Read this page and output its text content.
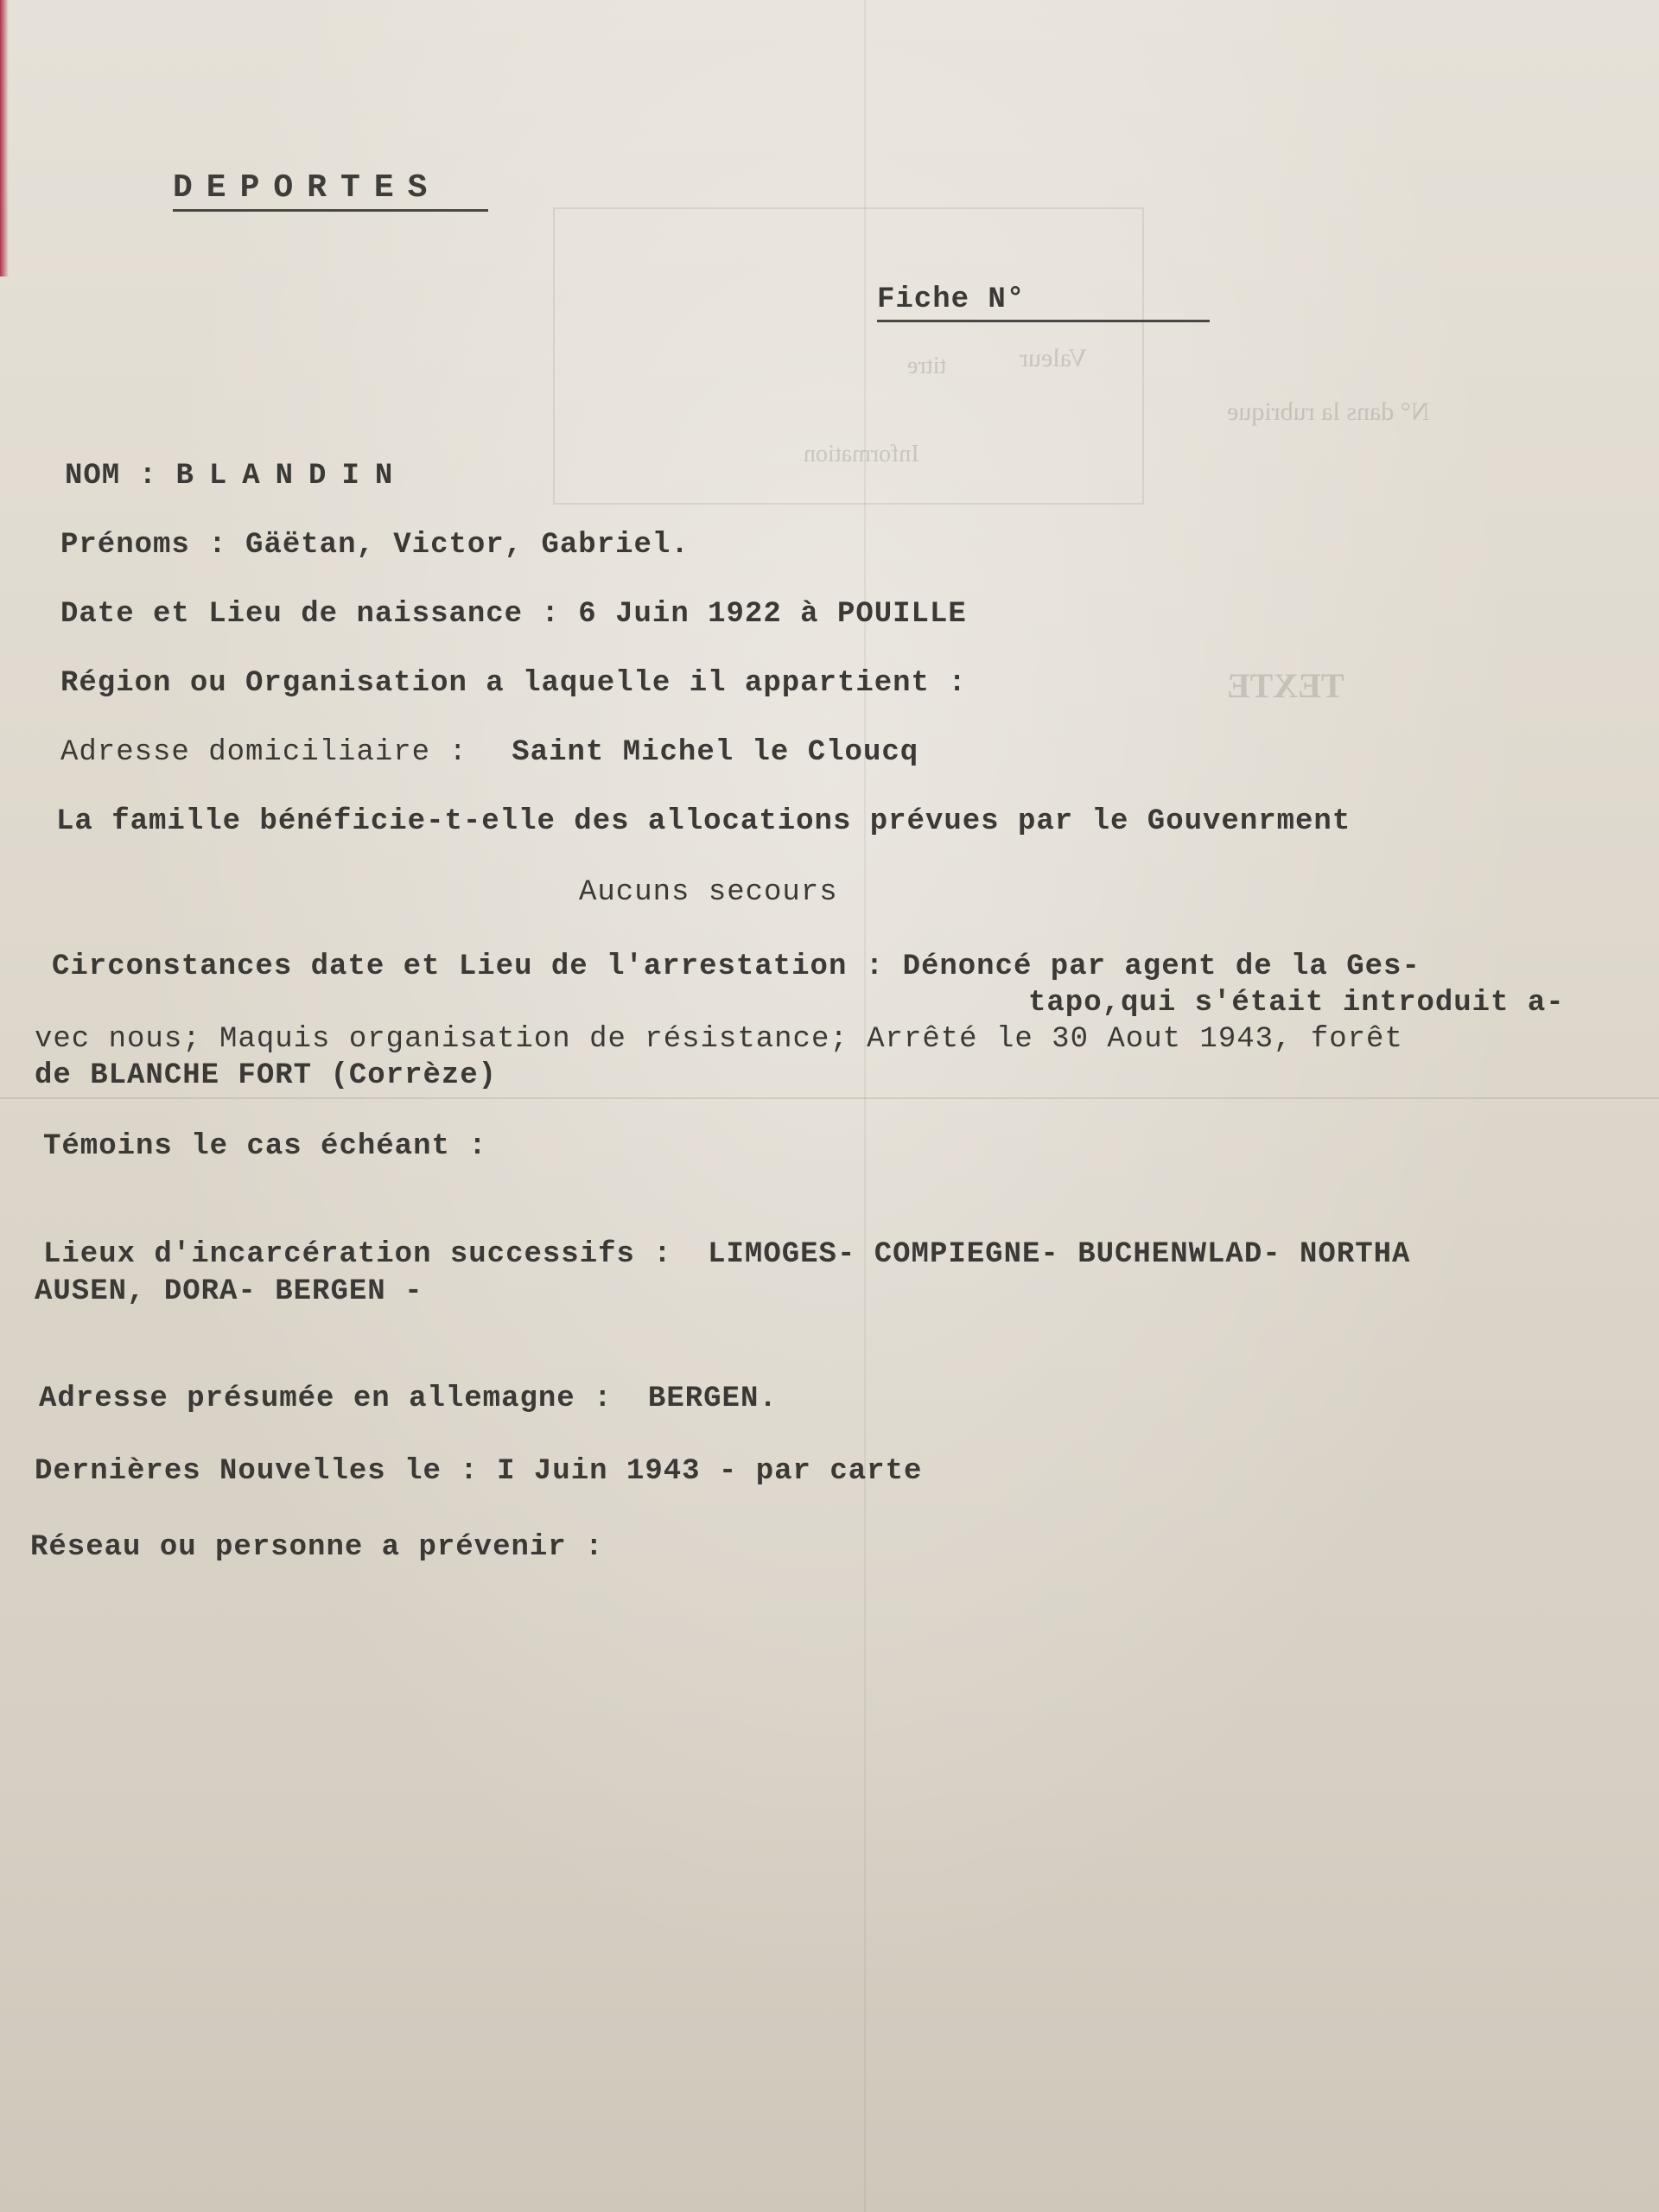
Valeur
titre
Information
N° dans la rubrique
TEXTE
DEPORTES
Fiche N°
NOM : BLANDIN
Prénoms : Gäëtan, Victor, Gabriel.
Date et Lieu de naissance : 6 Juin 1922 à POUILLE
Région ou Organisation a laquelle il appartient :
Adresse domiciliaire : Saint Michel le Cloucq
La famille bénéficie-t-elle des allocations prévues par le Gouvenrment
Aucuns secours
Circonstances date et Lieu de l'arrestation : Dénoncé par agent de la Ges-
tapo,qui s'était introduit a-
vec nous; Maquis organisation de résistance; Arrêté le 30 Aout 1943, forêt
de BLANCHE FORT (Corrèze)
Témoins le cas échéant :
Lieux d'incarcération successifs : LIMOGES- COMPIEGNE- BUCHENWLAD- NORTHA
AUSEN, DORA- BERGEN -
Adresse présumée en allemagne : BERGEN.
Dernières Nouvelles le : I Juin 1943 - par carte
Réseau ou personne a prévenir :
